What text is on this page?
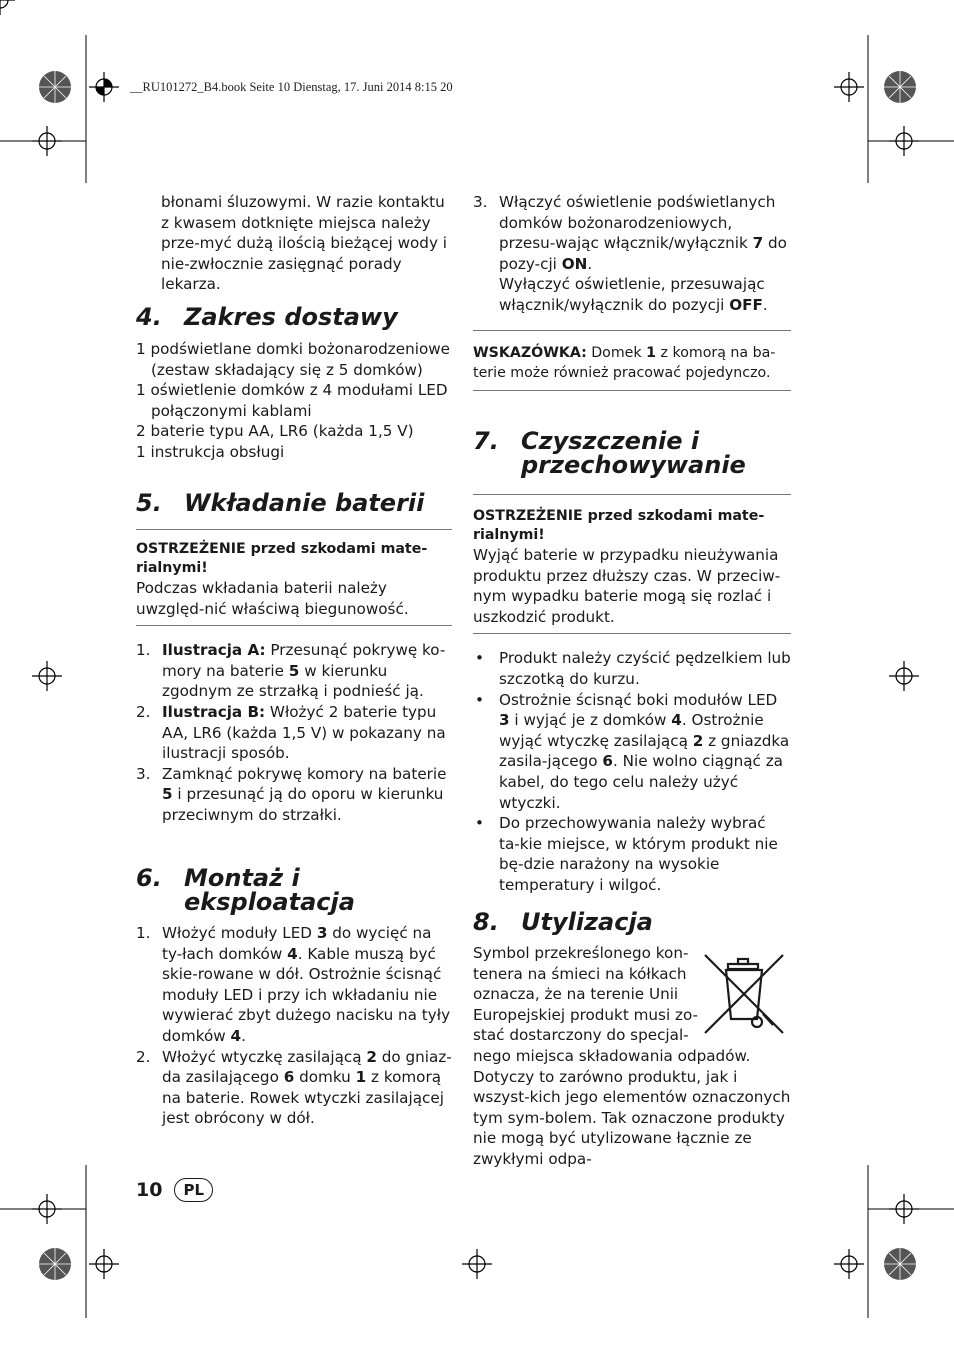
__RU101272_B4.book Seite 10 Dienstag, 17. Juni 2014 8:15 20

błonami śluzowymi. W razie kontaktu z kwasem dotknięte miejsca należy prze-myć dużą ilością bieżącej wody i nie-zwłocznie zasięgnąć porady lekarza.

4. Zakres dostawy

1 podświetlane domki bożonarodzeniowe

(zestaw składający się z 5 domków)

1 oświetlenie domków z 4 modułami LED

połączonymi kablami

2 baterie typu AA, LR6 (każda 1,5 V)

1 instrukcja obsługi

5. Wkładanie baterii
OSTRZEŻENIE przed szkodami mate-rialnymi!

Podczas wkładania baterii należy uwzględ-nić właściwą biegunowość.

1. Ilustracja A: Przesunąć pokrywę ko-mory na baterie 5 w kierunku zgodnym ze strzałką i podnieść ją.
2. Ilustracja B: Włożyć 2 baterie typu AA, LR6 (każda 1,5 V) w pokazany na ilustracji sposób.
3. Zamknąć pokrywę komory na baterie 5 i przesunąć ją do oporu w kierunku przeciwnym do strzałki.
6. Montaż i
eksploatacja
1. Włożyć moduły LED 3 do wycięć na ty-łach domków 4. Kable muszą być skie-rowane w dół. Ostrożnie ścisnąć moduły LED i przy ich wkładaniu nie wywierać zbyt dużego nacisku na tyły domków 4.
2. Włożyć wtyczkę zasilającą 2 do gniaz-da zasilającego 6 domku 1 z komorą na baterie. Rowek wtyczki zasilającej jest obrócony w dół.
3. Włączyć oświetlenie podświetlanych domków bożonarodzeniowych, przesu-wając włącznik/wyłącznik 7 do pozy-cji ON.
Wyłączyć oświetlenie, przesuwając włącznik/wyłącznik do pozycji OFF.
WSKAZÓWKA: Domek 1 z komorą na ba-terie może również pracować pojedynczo.
7. Czyszczenie i
przechowywanie
OSTRZEŻENIE przed szkodami mate-rialnymi!

Wyjąć baterie w przypadku nieużywania produktu przez dłuższy czas. W przeciw-nym wypadku baterie mogą się rozlać i uszkodzić produkt.

• Produkt należy czyścić pędzelkiem lub szczotką do kurzu.
• Ostrożnie ścisnąć boki modułów LED 3 i wyjąć je z domków 4. Ostrożnie wyjąć wtyczkę zasilającą 2 z gniazdka zasila-jącego 6. Nie wolno ciągnąć za kabel, do tego celu należy użyć wtyczki.
• Do przechowywania należy wybrać ta-kie miejsce, w którym produkt nie bę-dzie narażony na wysokie temperatury i wilgoć.
8. Utylizacja

Symbol przekreślonego kon-

tenera na śmieci na kółkach

oznacza, że na terenie Unii

Europejskiej produkt musi zo-

stać dostarczony do specjal-

nego miejsca składowania odpadów. Dotyczy to zarówno produktu, jak i wszyst-kich jego elementów oznaczonych tym sym-bolem. Tak oznaczone produkty nie mogą być utylizowane łącznie ze zwykłymi odpa-

10	PL
